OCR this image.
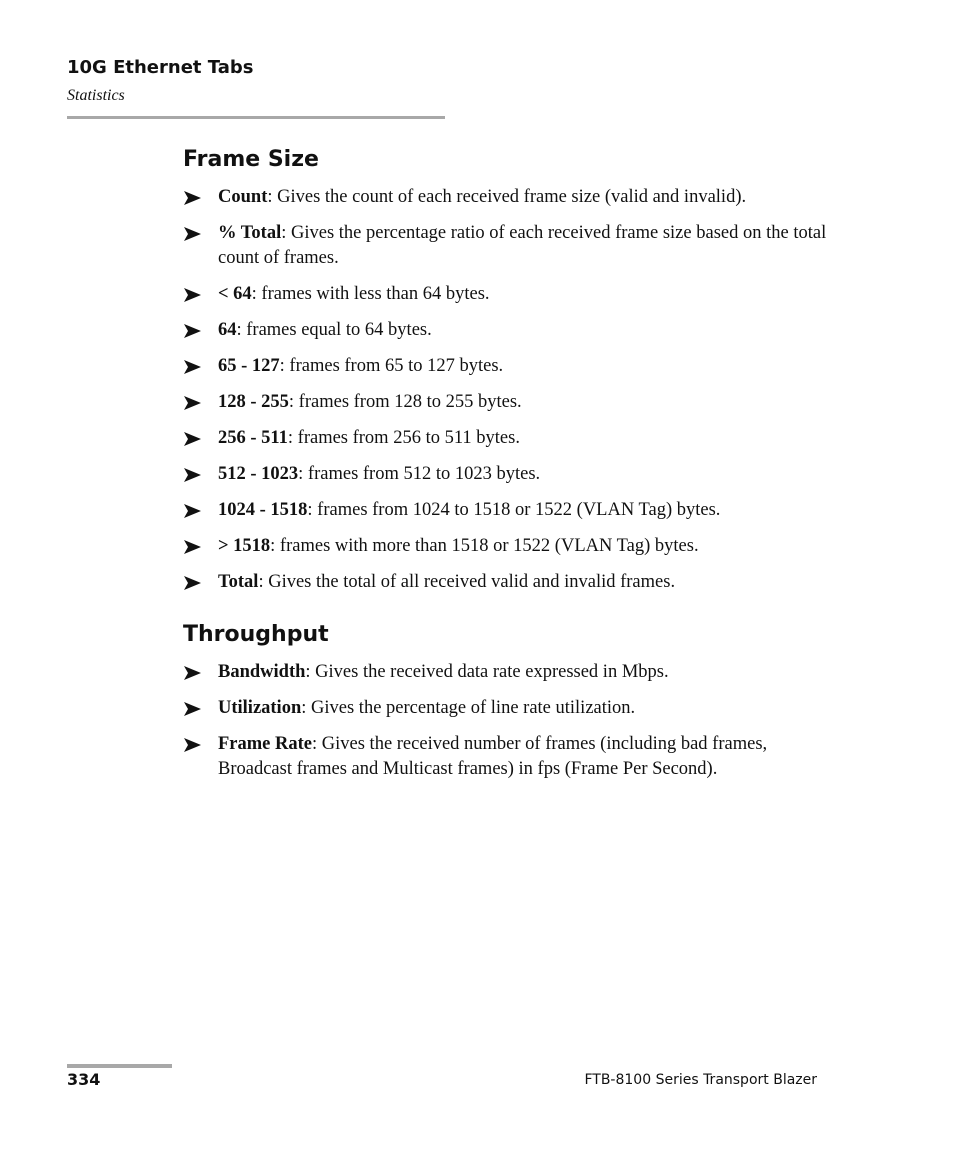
10G Ethernet Tabs
Statistics
Frame Size
Count: Gives the count of each received frame size (valid and invalid).
% Total: Gives the percentage ratio of each received frame size based on the total count of frames.
< 64: frames with less than 64 bytes.
64: frames equal to 64 bytes.
65 - 127: frames from 65 to 127 bytes.
128 - 255: frames from 128 to 255 bytes.
256 - 511: frames from 256 to 511 bytes.
512 - 1023: frames from 512 to 1023 bytes.
1024 - 1518: frames from 1024 to 1518 or 1522 (VLAN Tag) bytes.
> 1518: frames with more than 1518 or 1522 (VLAN Tag) bytes.
Total: Gives the total of all received valid and invalid frames.
Throughput
Bandwidth: Gives the received data rate expressed in Mbps.
Utilization: Gives the percentage of line rate utilization.
Frame Rate: Gives the received number of frames (including bad frames, Broadcast frames and Multicast frames) in fps (Frame Per Second).
334	FTB-8100 Series Transport Blazer
